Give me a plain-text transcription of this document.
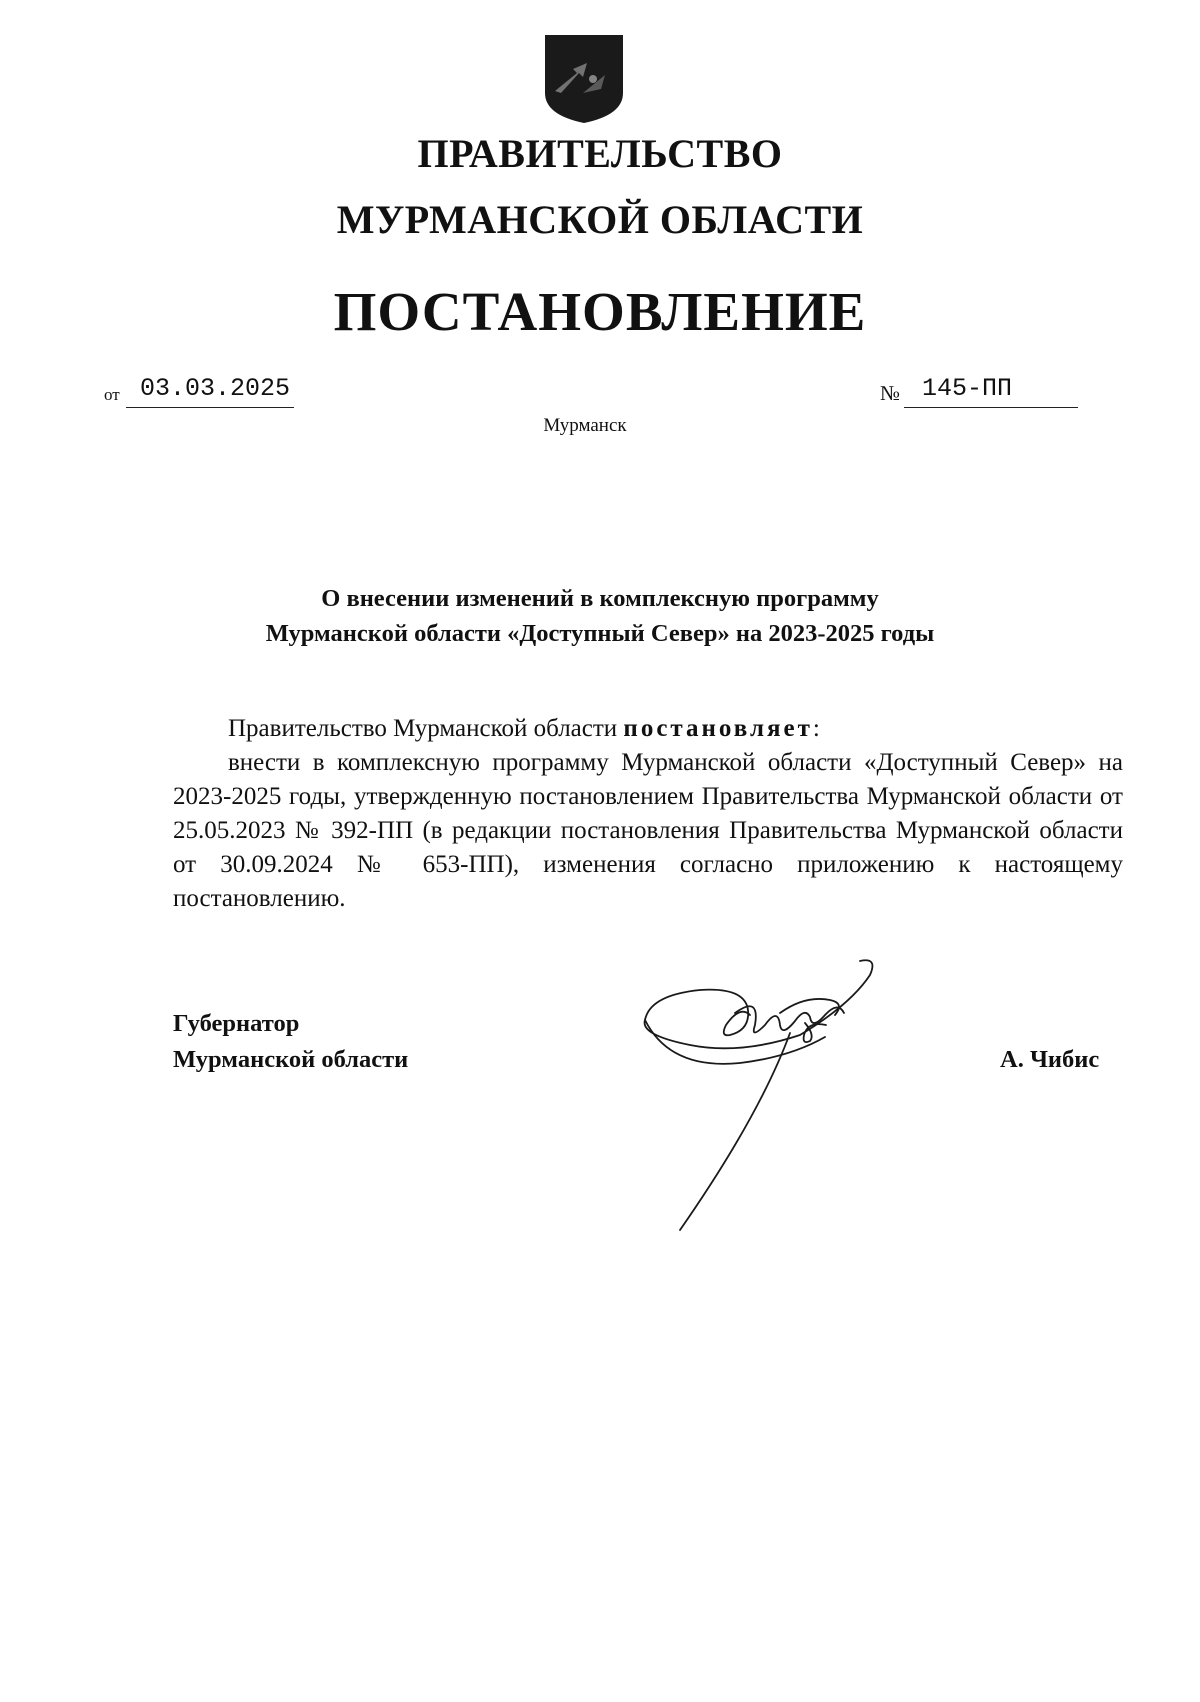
ПРАВИТЕЛЬСТВО
МУРМАНСКОЙ ОБЛАСТИ
ПОСТАНОВЛЕНИЕ
от 03.03.2025	№ 145-ПП
Мурманск
О внесении изменений в комплексную программу
Мурманской области «Доступный Север» на 2023-2025 годы
Правительство Мурманской области постановляет:
внести в комплексную программу Мурманской области «Доступный Север» на 2023-2025 годы, утвержденную постановлением Правительства Мурманской области от 25.05.2023 № 392-ПП (в редакции постановления Правительства Мурманской области от 30.09.2024 № 653-ПП), изменения согласно приложению к настоящему постановлению.
Губернатор
Мурманской области	А. Чибис
